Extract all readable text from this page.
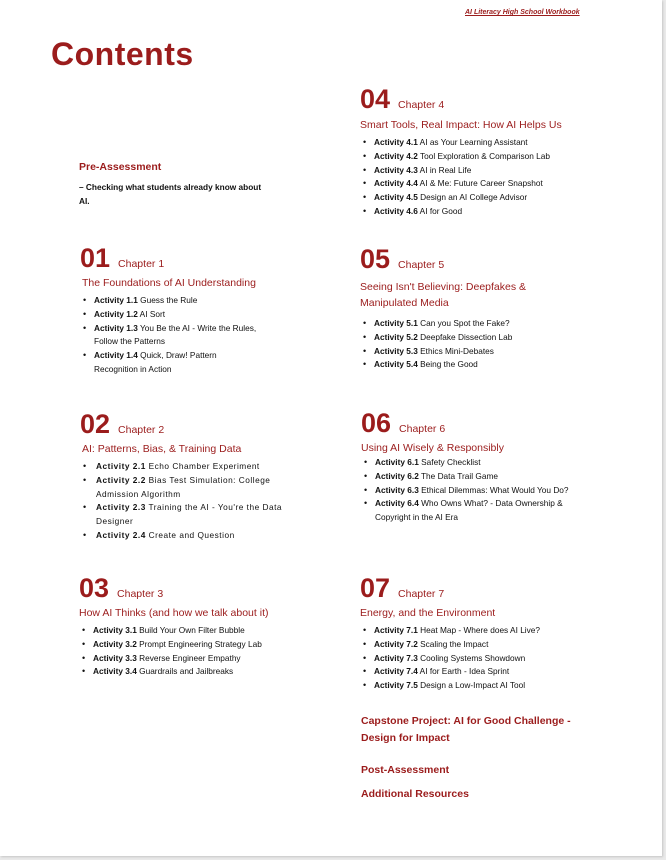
AI Literacy High School Workbook
Contents
Pre-Assessment
– Checking what students already know about AI.
01 Chapter 1
The Foundations of AI Understanding
• Activity 1.1 Guess the Rule
• Activity 1.2 AI Sort
• Activity 1.3 You Be the AI - Write the Rules, Follow the Patterns
• Activity 1.4 Quick, Draw! Pattern Recognition in Action
02 Chapter 2
AI: Patterns, Bias, & Training Data
• Activity 2.1 Echo Chamber Experiment
• Activity 2.2 Bias Test Simulation: College Admission Algorithm
• Activity 2.3 Training the AI - You're the Data Designer
• Activity 2.4 Create and Question
03 Chapter 3
How AI Thinks (and how we talk about it)
• Activity 3.1 Build Your Own Filter Bubble
• Activity 3.2 Prompt Engineering Strategy Lab
• Activity 3.3 Reverse Engineer Empathy
• Activity 3.4 Guardrails and Jailbreaks
04 Chapter 4
Smart Tools, Real Impact: How AI Helps Us
• Activity 4.1 AI as Your Learning Assistant
• Activity 4.2 Tool Exploration & Comparison Lab
• Activity 4.3 AI in Real Life
• Activity 4.4 AI & Me: Future Career Snapshot
• Activity 4.5 Design an AI College Advisor
• Activity 4.6 AI for Good
05 Chapter 5
Seeing Isn't Believing: Deepfakes & Manipulated Media
• Activity 5.1 Can you Spot the Fake?
• Activity 5.2 Deepfake Dissection Lab
• Activity 5.3 Ethics Mini-Debates
• Activity 5.4 Being the Good
06 Chapter 6
Using AI Wisely & Responsibly
• Activity 6.1 Safety Checklist
• Activity 6.2 The Data Trail Game
• Activity 6.3 Ethical Dilemmas: What Would You Do?
• Activity 6.4 Who Owns What? - Data Ownership & Copyright in the AI Era
07 Chapter 7
Energy, and the Environment
• Activity 7.1 Heat Map - Where does AI Live?
• Activity 7.2 Scaling the Impact
• Activity 7.3 Cooling Systems Showdown
• Activity 7.4 AI for Earth - Idea Sprint
• Activity 7.5 Design a Low-Impact AI Tool
Capstone Project: AI for Good Challenge - Design for Impact
Post-Assessment
Additional Resources
